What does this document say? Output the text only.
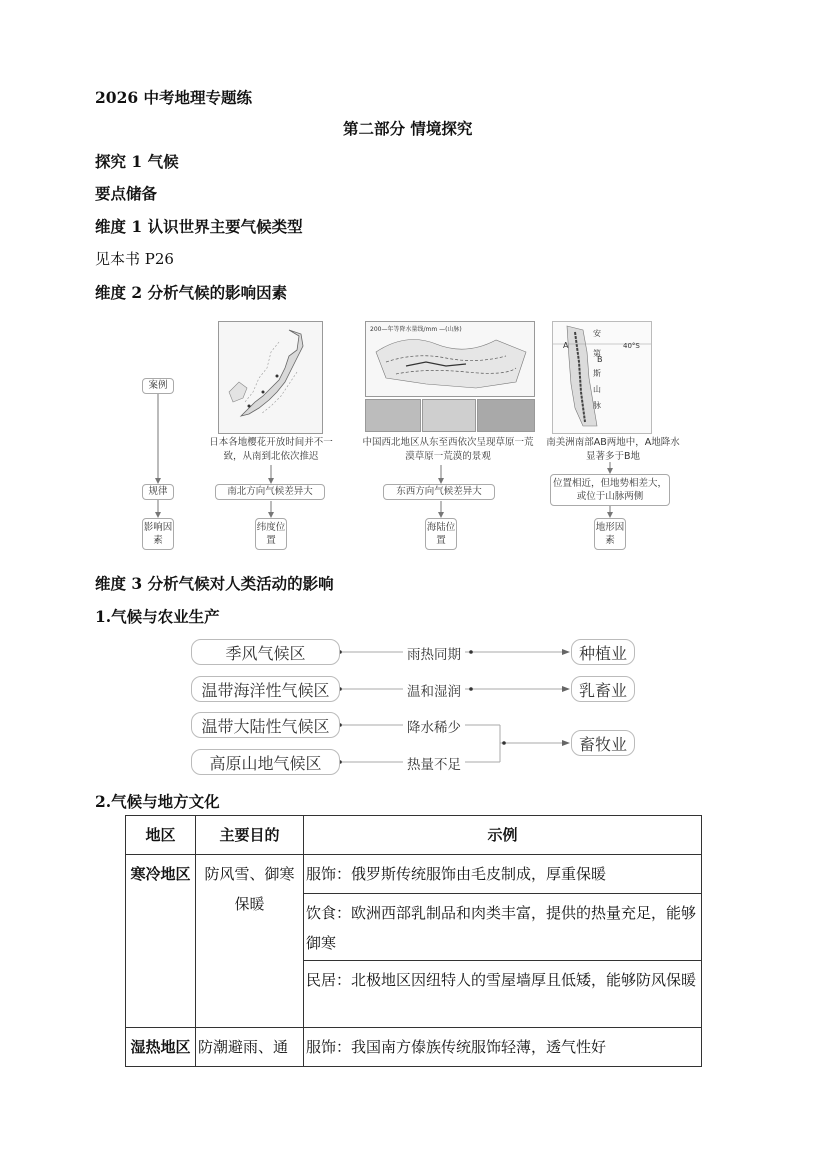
2026 中考地理专题练
第二部分 情境探究
探究 1 气候
要点储备
维度 1 认识世界主要气候类型
见本书 P26
维度 2 分析气候的影响因素
案例
规律
影响因素
日本各地樱花开放时间并不一致，从南到北依次推迟
南北方向气候差异大
纬度位置
200—年等降水量线/mm —(山脉)
中国西北地区从东至西依次呈现草原一荒漠草原一荒漠的景观
东西方向气候差异大
海陆位置
A
B
安
第
斯
山
脉
40°S
南美洲南部AB两地中，A地降水显著多于B地
位置相近，但地势相差大，或位于山脉两侧
地形因素
维度 3 分析气候对人类活动的影响
1.气候与农业生产
季风气候区
温带海洋性气候区
温带大陆性气候区
高原山地气候区
雨热同期
温和湿润
降水稀少
热量不足
种植业
乳畜业
畜牧业
2.气候与地方文化
地区	主要目的	示例
寒冷地区	防风雪、御寒保暖	服饰：俄罗斯传统服饰由毛皮制成，厚重保暖
		饮食：欧洲西部乳制品和肉类丰富，提供的热量充足，能够御寒
		民居：北极地区因纽特人的雪屋墙厚且低矮，能够防风保暖
湿热地区	防潮避雨、通	服饰：我国南方傣族传统服饰轻薄，透气性好
